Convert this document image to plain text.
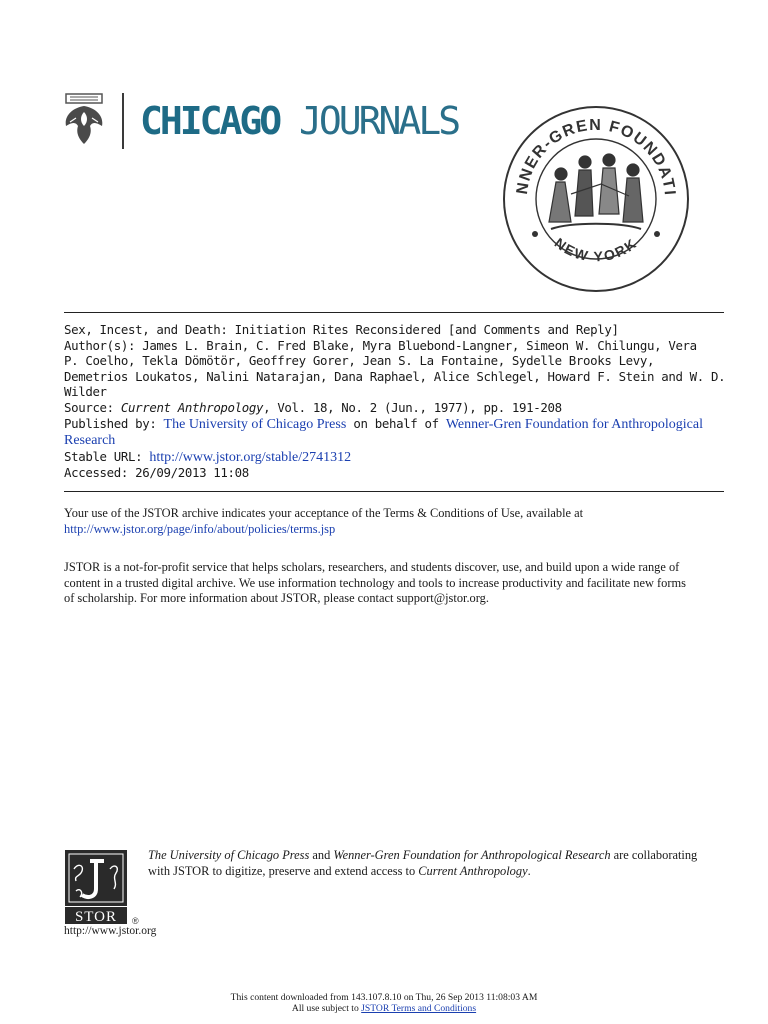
CHICAGO JOURNALS
NNER-GREN FOUNDATI
NEW YORK
Sex, Incest, and Death: Initiation Rites Reconsidered [and Comments and Reply]
Author(s): James L. Brain, C. Fred Blake, Myra Bluebond-Langner, Simeon W. Chilungu, Vera
P. Coelho, Tekla Dömötör, Geoffrey Gorer, Jean S. La Fontaine, Sydelle Brooks Levy,
Demetrios Loukatos, Nalini Natarajan, Dana Raphael, Alice Schlegel, Howard F. Stein and W. D.
Wilder
Source: Current Anthropology, Vol. 18, No. 2 (Jun., 1977), pp. 191-208
Published by: The University of Chicago Press on behalf of Wenner-Gren Foundation for Anthropological
Research
Stable URL: http://www.jstor.org/stable/2741312
Accessed: 26/09/2013 11:08
Your use of the JSTOR archive indicates your acceptance of the Terms & Conditions of Use, available at
http://www.jstor.org/page/info/about/policies/terms.jsp
JSTOR is a not-for-profit service that helps scholars, researchers, and students discover, use, and build upon a wide range of
content in a trusted digital archive. We use information technology and tools to increase productivity and facilitate new forms
of scholarship. For more information about JSTOR, please contact support@jstor.org.
STOR ®
http://www.jstor.org
The University of Chicago Press and Wenner-Gren Foundation for Anthropological Research are collaborating
with JSTOR to digitize, preserve and extend access to Current Anthropology.
This content downloaded from 143.107.8.10 on Thu, 26 Sep 2013 11:08:03 AM
All use subject to JSTOR Terms and Conditions
